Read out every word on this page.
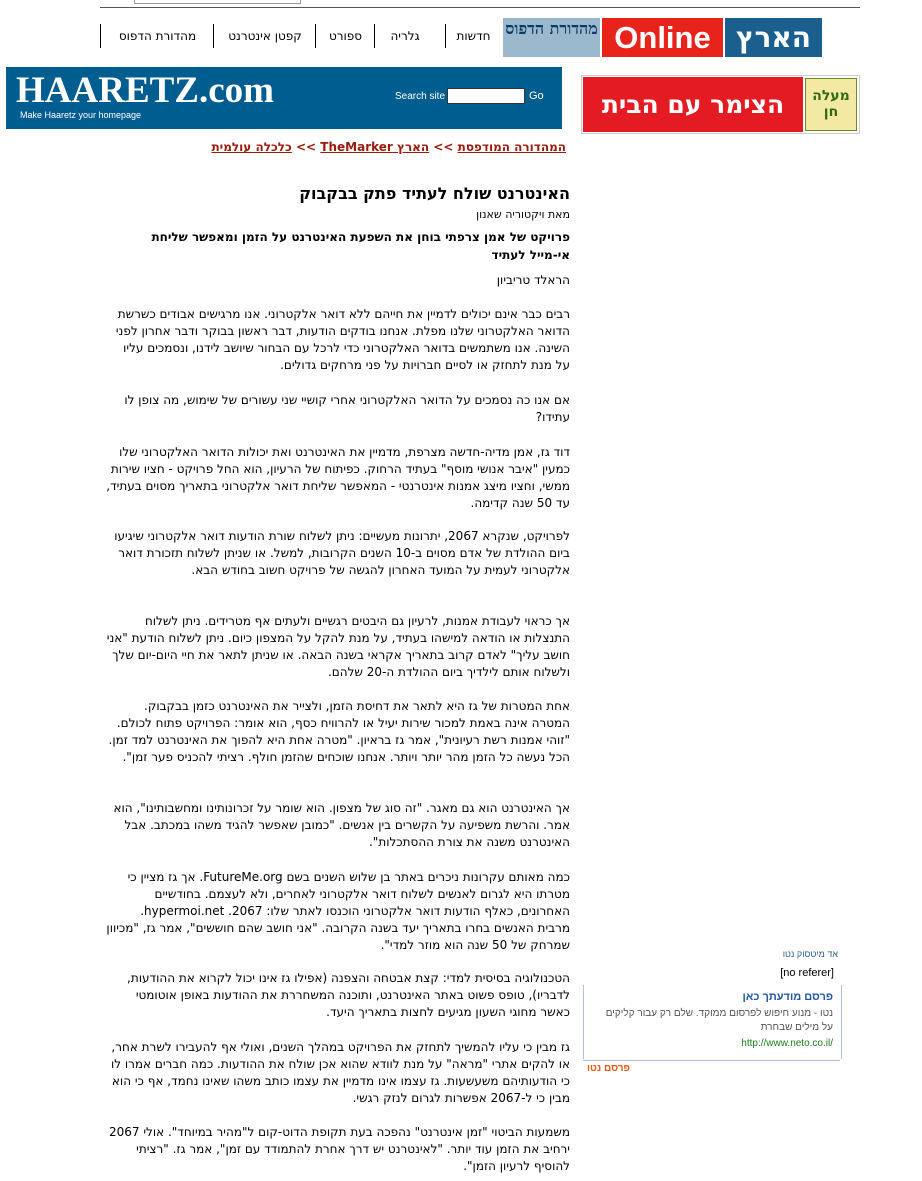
מהדורת הדפוס	קפטן אינטרנט	ספורט	גלריה	חדשות מהדורת הדפוס Online הארץ
HAARETZ.com
Make Haaretz your homepage
Search site	Go	הצימר עם הבית	מעלה חן
המהדורה המודפסת >> הארץ TheMarker >> כלכלה עולמית
האינטרנט שולח לעתיד פתק בבקבוק
מאת ויקטוריה שאנון
פרויקט של אמן צרפתי בוחן את השפעת האינטרנט על הזמן ומאפשר שליחת אי-מייל לעתיד
הראלד טריביון
רבים כבר אינם יכולים לדמיין את חייהם ללא דואר אלקטרוני. אנו מרגישים אבודים כשרשת הדואר האלקטרוני שלנו מפלת. אנחנו בודקים הודעות, דבר ראשון בבוקר ודבר אחרון לפני השינה. אנו משתמשים בדואר האלקטרוני כדי לרכל עם הבחור שיושב לידנו, ונסמכים עליו על מנת לתחזק או לסיים חברויות על פני מרחקים גדולים.
אם אנו כה נסמכים על הדואר האלקטרוני אחרי קושיי שני עשורים של שימוש, מה צופן לו עתידו?
דוד גז, אמן מדיה-חדשה מצרפת, מדמיין את האינטרנט ואת יכולות הדואר האלקטרוני שלו כמעין "איבר אנושי מוסף" בעתיד הרחוק. כפיתוח של הרעיון, הוא החל פרויקט - חציו שירות ממשי, וחציו מיצג אמנות אינטרנטי - המאפשר שליחת דואר אלקטרוני בתאריך מסוים בעתיד, עד 50 שנה קדימה.
לפרויקט, שנקרא 2067, יתרונות מעשיים: ניתן לשלוח שורת הודעות דואר אלקטרוני שיגיעו ביום ההולדת של אדם מסוים ב-10 השנים הקרובות, למשל. או שניתן לשלוח תזכורת דואר אלקטרוני לעמית על המועד האחרון להגשה של פרויקט חשוב בחודש הבא.
אך כראוי לעבודת אמנות, לרעיון גם היבטים רגשיים ולעתים אף מטרידים. ניתן לשלוח התנצלות או הודאה למישהו בעתיד, על מנת להקל על המצפון כיום. ניתן לשלוח הודעת "אני חושב עליך" לאדם קרוב בתאריך אקראי בשנה הבאה. או שניתן לתאר את חיי היום-יום שלך ולשלוח אותם לילדיך ביום ההולדת ה-20 שלהם.
אחת המטרות של גז היא לתאר את דחיסת הזמן, ולצייר את האינטרנט כזמן בבקבוק. המטרה אינה באמת למכור שירות יעיל או להרוויח כסף, הוא אומר: הפרויקט פתוח לכולם. "זוהי אמנות רשת רעיונית", אמר גז בראיון. "מטרה אחת היא להפוך את האינטרנט למד זמן. הכל נעשה כל הזמן מהר יותר ויותר. אנחנו שוכחים שהזמן חולף. רציתי להכניס פער זמן".
אך האינטרנט הוא גם מאגר. "זה סוג של מצפון. הוא שומר על זכרונותינו ומחשבותינו", הוא אמר. והרשת משפיעה על הקשרים בין אנשים. "כמובן שאפשר להגיד משהו במכתב. אבל האינטרנט משנה את צורת ההסתכלות".
כמה מאותם עקרונות ניכרים באתר בן שלוש השנים בשם FutureMe.org. אך גז מציין כי מטרתו היא לגרום לאנשים לשלוח דואר אלקטרוני לאחרים, ולא לעצמם. בחודשיים האחרונים, כאלף הודעות דואר אלקטרוני הוכנסו לאתר שלו: 2067. hypermoi.net. מרבית האנשים בחרו בתאריך יעד בשנה הקרובה. "אני חושב שהם חוששים", אמר גז, "מכיוון שמרחק של 50 שנה הוא מוזר למדי".
הטכנולוגיה בסיסית למדי: קצת אבטחה והצפנה (אפילו גז אינו יכול לקרוא את ההודעות, לדבריו), טופס פשוט באתר האינטרנט, ותוכנה המשחררת את ההודעות באופן אוטומטי כאשר מחוגי השעון מגיעים לחצות בתאריך היעד.
גז מבין כי עליו להמשיך לתחזק את הפרויקט במהלך השנים, ואולי אף להעבירו לשרת אחר, או להקים אתרי "מראה" על מנת לוודא שהוא אכן שולח את ההודעות. כמה חברים אמרו לו כי הודעותיהם משעשעות. גז עצמו אינו מדמיין את עצמו כותב משהו שאינו נחמד, אף כי הוא מבין כי ל-2067 אפשרות לגרום לנזק רגשי.
משמעות הביטוי "זמן אינטרנט" נהפכה בעת תקופת הדוט-קום ל"מהיר במיוחד". אולי 2067 ירחיב את הזמן עוד יותר. "לאינטרנט יש דרך אחרת להתמודד עם זמן", אמר גז. "רציתי להוסיף לרעיון הזמן".
אד מיטסוק נטו
[no referer]
פרסם מודעתך כאן
נטו - מנוע חיפוש לפרסום ממוקד. שלם רק עבור קליקים על מילים שבחרת
http://www.neto.co.il/
פרסם נטו
